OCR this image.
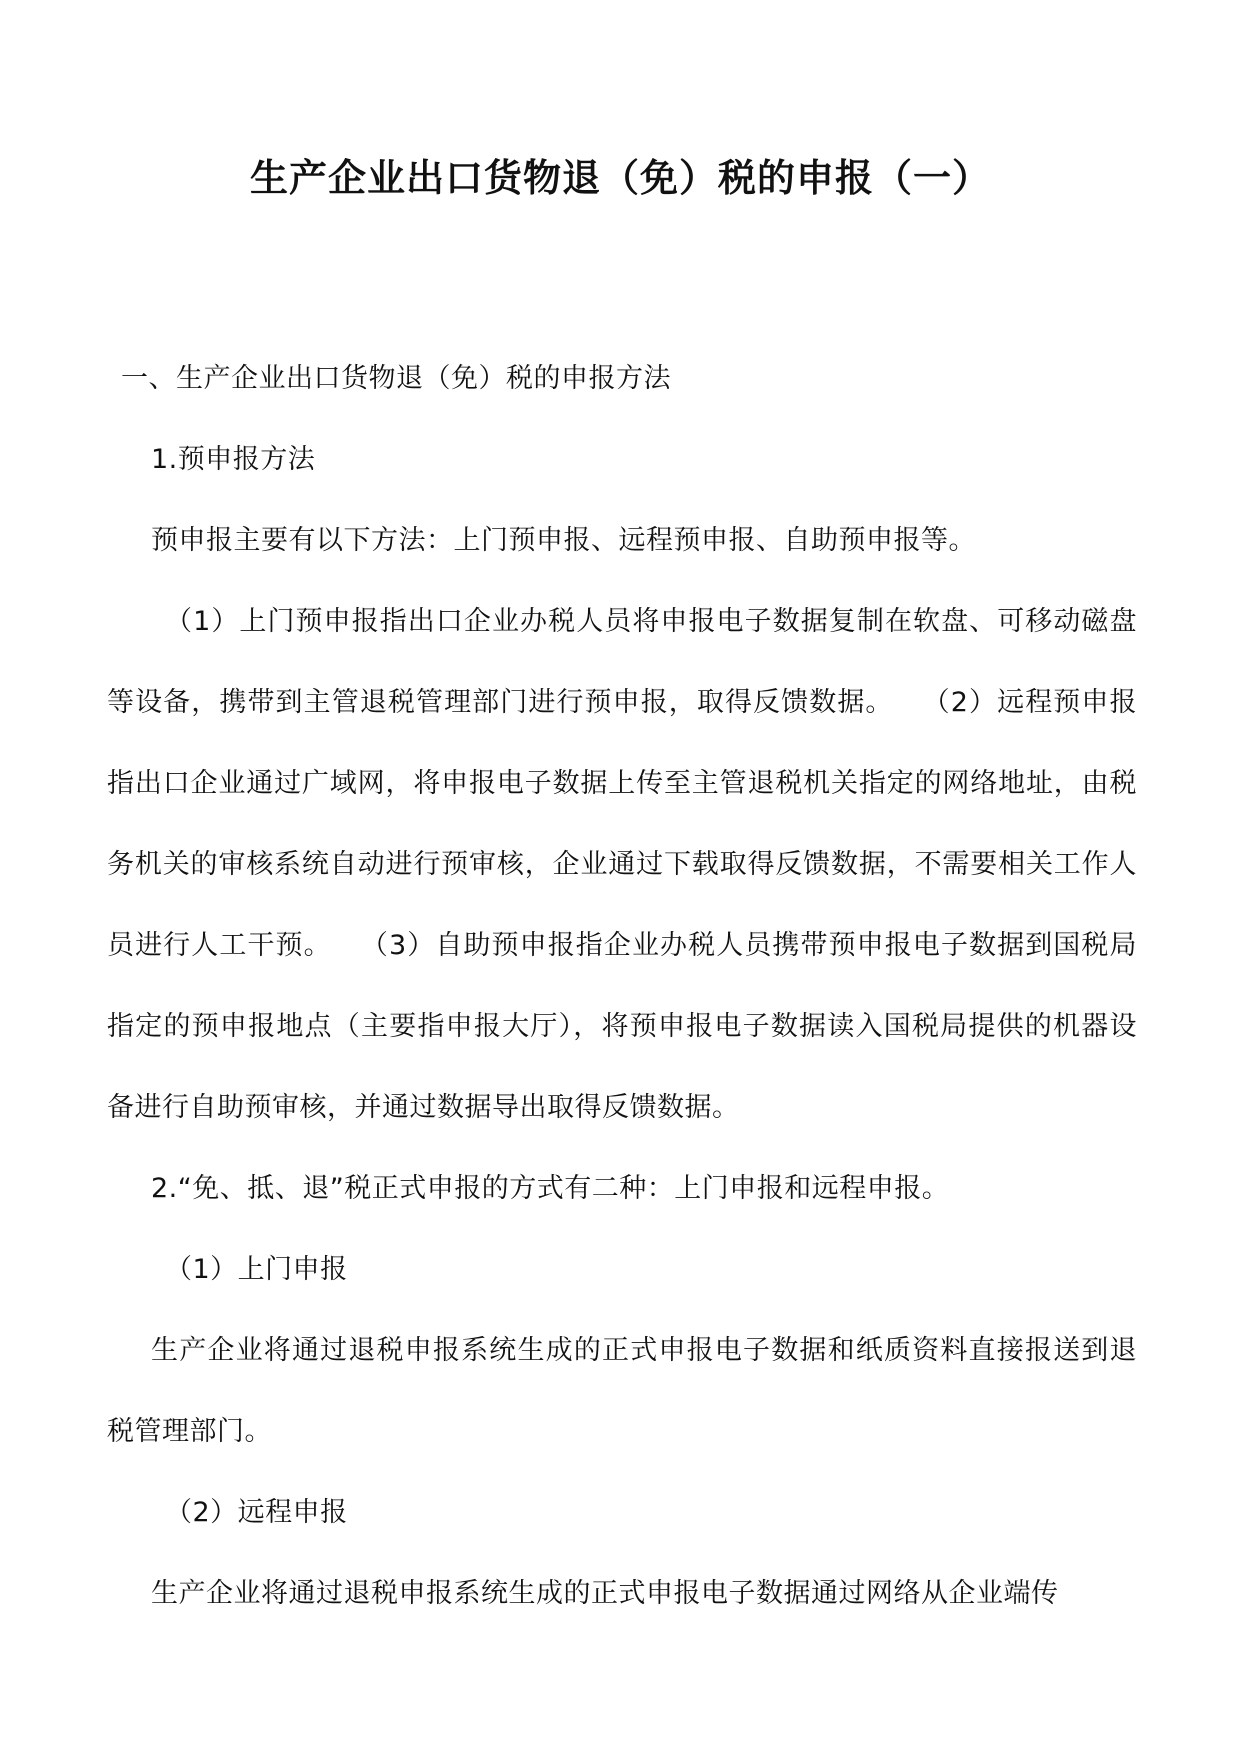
生产企业出口货物退（免）税的申报（一）

一、生产企业出口货物退（免）税的申报方法

1.预申报方法

预申报主要有以下方法：上门预申报、远程预申报、自助预申报等。

（1）上门预申报指出口企业办税人员将申报电子数据复制在软盘、可移动磁盘等设备，携带到主管退税管理部门进行预申报，取得反馈数据。　　（2）远程预申报指出口企业通过广域网，将申报电子数据上传至主管退税机关指定的网络地址，由税务机关的审核系统自动进行预审核，企业通过下载取得反馈数据，不需要相关工作人员进行人工干预。　　（3）自助预申报指企业办税人员携带预申报电子数据到国税局指定的预申报地点（主要指申报大厅），将预申报电子数据读入国税局提供的机器设备进行自助预审核，并通过数据导出取得反馈数据。

2.“免、抵、退”税正式申报的方式有二种：上门申报和远程申报。

（1）上门申报

生产企业将通过退税申报系统生成的正式申报电子数据和纸质资料直接报送到退税管理部门。

（2）远程申报

生产企业将通过退税申报系统生成的正式申报电子数据通过网络从企业端传
